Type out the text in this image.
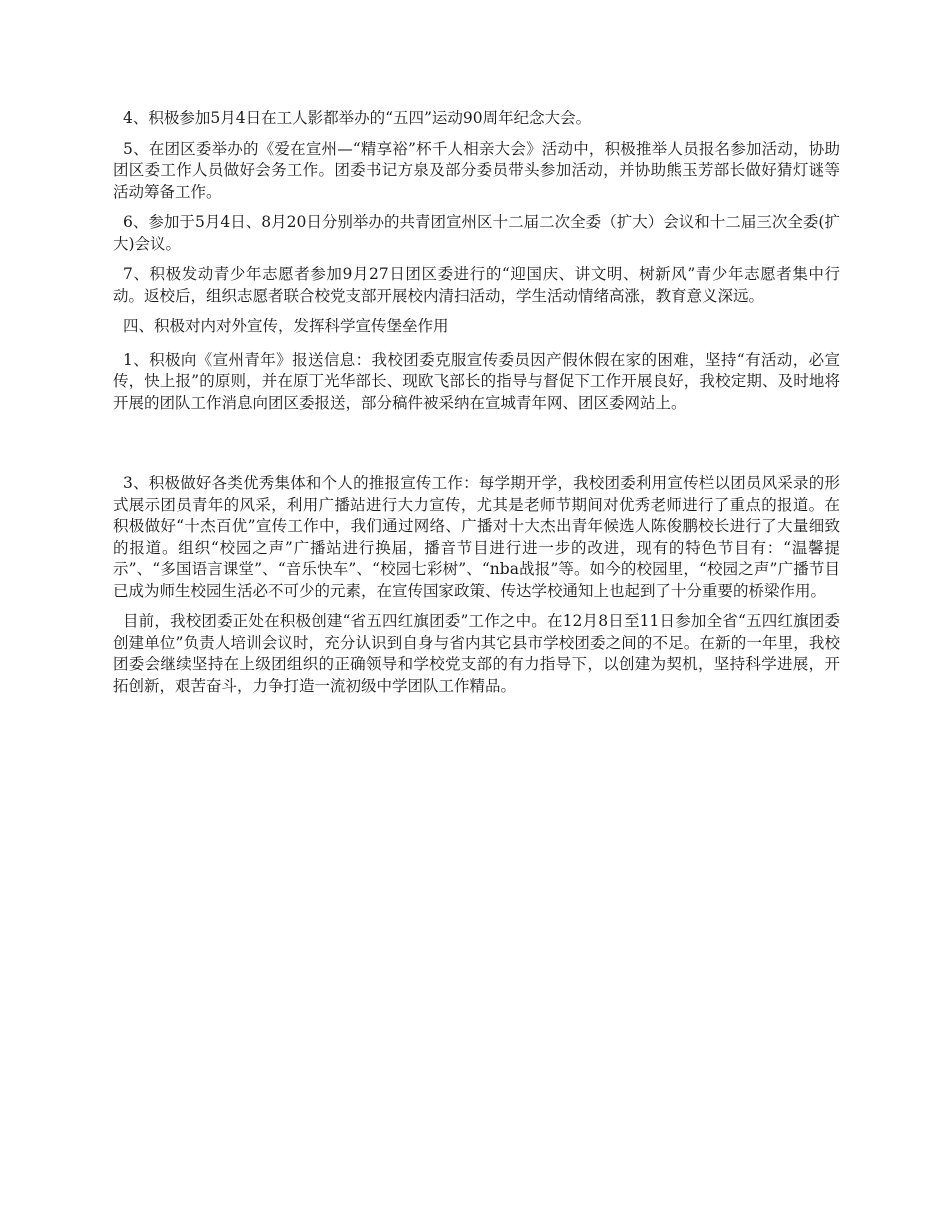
4、积极参加5月4日在工人影都举办的“五四”运动90周年纪念大会。

5、在团区委举办的《爱在宣州—“精享裕”杯千人相亲大会》活动中，积极推举人员报名参加活动，协助团区委工作人员做好会务工作。团委书记方泉及部分委员带头参加活动，并协助熊玉芳部长做好猜灯谜等活动筹备工作。

6、参加于5月4日、8月20日分别举办的共青团宣州区十二届二次全委（扩大）会议和十二届三次全委(扩大)会议。

7、积极发动青少年志愿者参加9月27日团区委进行的“迎国庆、讲文明、树新风”青少年志愿者集中行动。返校后，组织志愿者联合校党支部开展校内清扫活动，学生活动情绪高涨，教育意义深远。

四、积极对内对外宣传，发挥科学宣传堡垒作用

1、积极向《宣州青年》报送信息：我校团委克服宣传委员因产假休假在家的困难，坚持“有活动，必宣传，快上报”的原则，并在原丁光华部长、现欧飞部长的指导与督促下工作开展良好，我校定期、及时地将开展的团队工作消息向团区委报送，部分稿件被采纳在宣城青年网、团区委网站上。

3、积极做好各类优秀集体和个人的推报宣传工作：每学期开学，我校团委利用宣传栏以团员风采录的形式展示团员青年的风采，利用广播站进行大力宣传，尤其是老师节期间对优秀老师进行了重点的报道。在积极做好“十杰百优”宣传工作中，我们通过网络、广播对十大杰出青年候选人陈俊鹏校长进行了大量细致的报道。组织“校园之声”广播站进行换届，播音节目进行进一步的改进，现有的特色节目有：“温馨提示”、“多国语言课堂”、“音乐快车”、“校园七彩树”、“nba战报”等。如今的校园里，“校园之声”广播节目已成为师生校园生活必不可少的元素，在宣传国家政策、传达学校通知上也起到了十分重要的桥梁作用。

目前，我校团委正处在积极创建“省五四红旗团委”工作之中。在12月8日至11日参加全省“五四红旗团委创建单位”负责人培训会议时，充分认识到自身与省内其它县市学校团委之间的不足。在新的一年里，我校团委会继续坚持在上级团组织的正确领导和学校党支部的有力指导下，以创建为契机，坚持科学进展，开拓创新，艰苦奋斗，力争打造一流初级中学团队工作精品。
